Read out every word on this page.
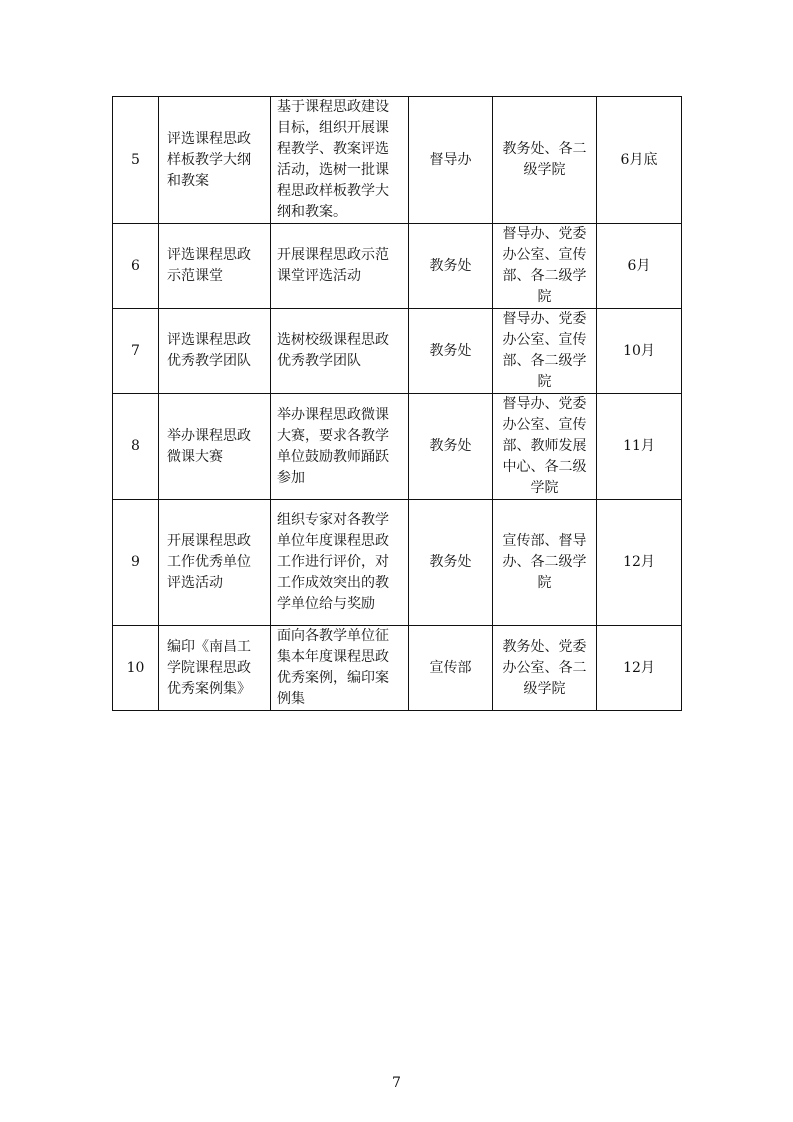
5	评选课程思政样板教学大纲和教案	基于课程思政建设目标，组织开展课程教学、教案评选活动，选树一批课程思政样板教学大纲和教案。	督导办	教务处、各二级学院	6月底
6	评选课程思政示范课堂	开展课程思政示范课堂评选活动	教务处	督导办、党委办公室、宣传部、各二级学院	6月
7	评选课程思政优秀教学团队	选树校级课程思政优秀教学团队	教务处	督导办、党委办公室、宣传部、各二级学院	10月
8	举办课程思政微课大赛	举办课程思政微课大赛，要求各教学单位鼓励教师踊跃参加	教务处	督导办、党委办公室、宣传部、教师发展中心、各二级学院	11月
9	开展课程思政工作优秀单位评选活动	组织专家对各教学单位年度课程思政工作进行评价，对工作成效突出的教学单位给与奖励	教务处	宣传部、督导办、各二级学院	12月
10	编印《南昌工学院课程思政优秀案例集》	面向各教学单位征集本年度课程思政优秀案例，编印案例集	宣传部	教务处、党委办公室、各二级学院	12月
7
